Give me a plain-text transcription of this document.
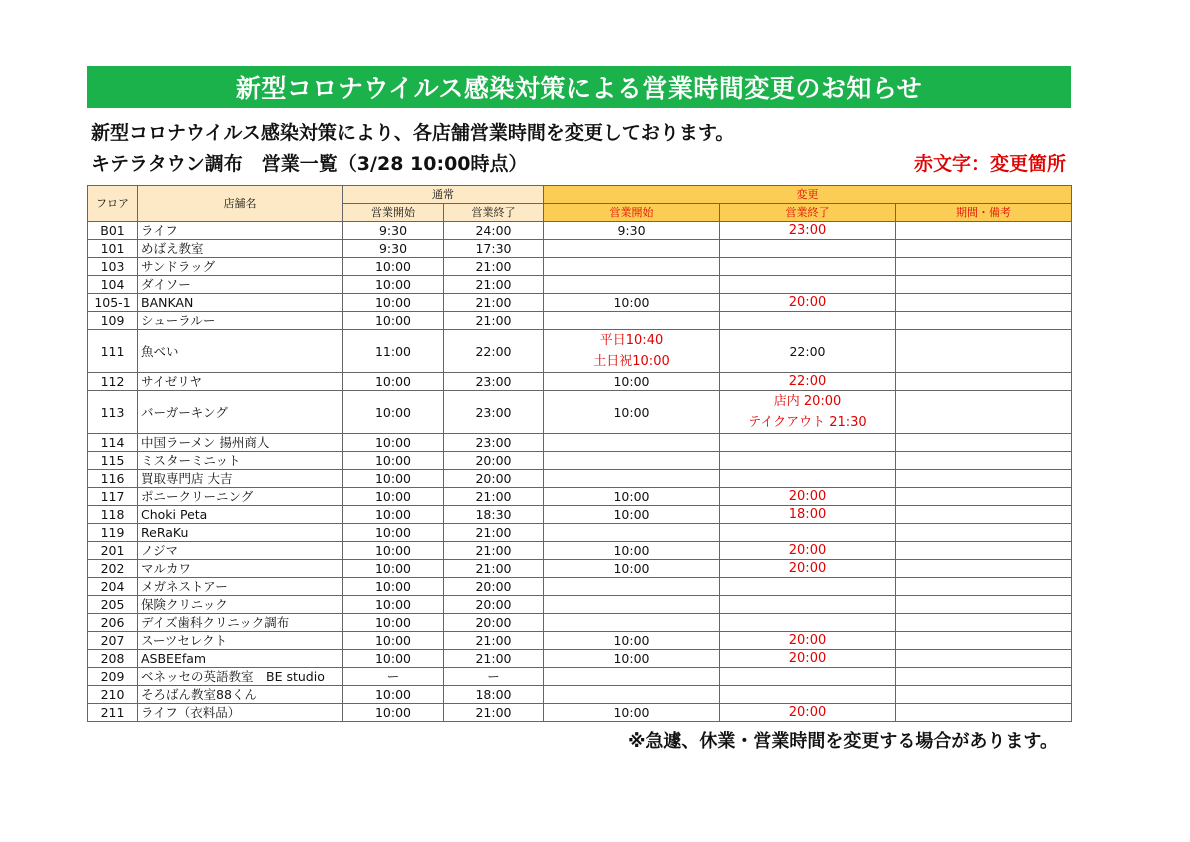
新型コロナウイルス感染対策による営業時間変更のお知らせ
新型コロナウイルス感染対策により、各店舗営業時間を変更しております。
キテラタウン調布　営業一覧（3/28 10:00時点）	赤文字：変更箇所
フロア	店舗名	通常		変更		
		営業開始	営業終了	営業開始	営業終了	期間・備考
B01	ライフ	9:30	24:00	9:30	23:00	
101	めばえ教室	9:30	17:30			
103	サンドラッグ	10:00	21:00			
104	ダイソー	10:00	21:00			
105-1	BANKAN	10:00	21:00	10:00	20:00	
109	シューラルー	10:00	21:00			
111	魚べい	11:00	22:00	平日10:40
土日祝10:00	22:00	
112	サイゼリヤ	10:00	23:00	10:00	22:00	
113	バーガーキング	10:00	23:00	10:00	店内 20:00
テイクアウト 21:30	

114	中国ラーメン 揚州商人	10:00	23:00			
115	ミスターミニット	10:00	20:00			
116	買取専門店 大吉	10:00	20:00			
117	ポニークリーニング	10:00	21:00	10:00	20:00	
118	Choki Peta	10:00	18:30	10:00	18:00	
119	ReRaKu	10:00	21:00			
201	ノジマ	10:00	21:00	10:00	20:00	
202	マルカワ	10:00	21:00	10:00	20:00	
204	メガネストアー	10:00	20:00			
205	保険クリニック	10:00	20:00			
206	デイズ歯科クリニック調布	10:00	20:00			
207	スーツセレクト	10:00	21:00	10:00	20:00	
208	ASBEEfam	10:00	21:00	10:00	20:00	
209	ベネッセの英語教室　BE studio	ー	ー			
210	そろばん教室88くん	10:00	18:00			
211	ライフ（衣料品）	10:00	21:00	10:00	20:00	
※急遽、休業・営業時間を変更する場合があります。
